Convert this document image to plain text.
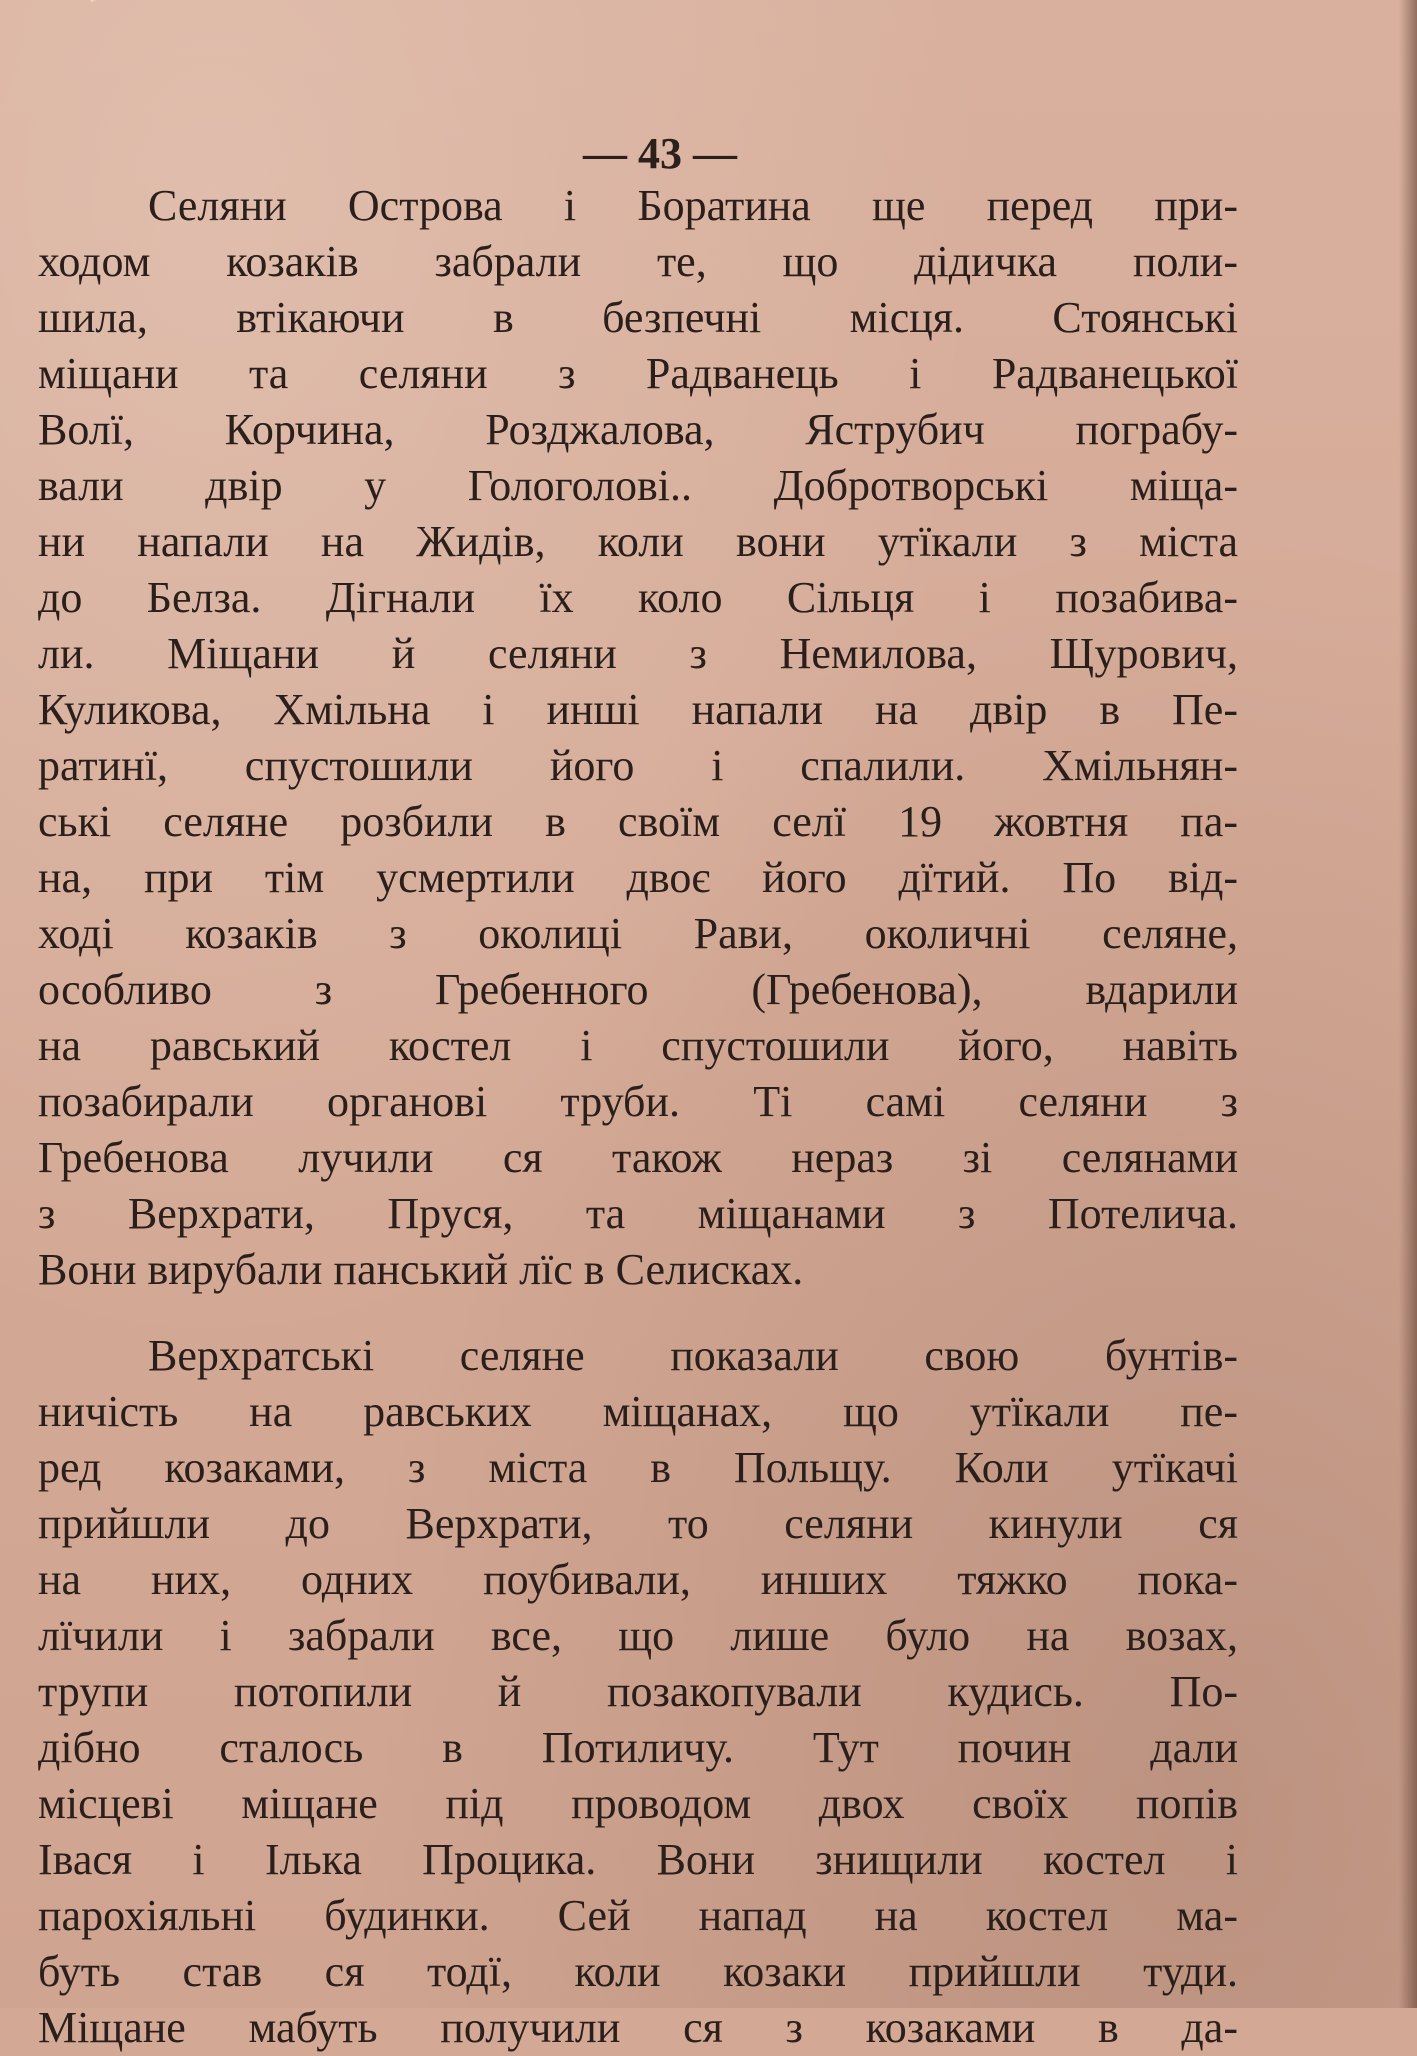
— 43 —
Селяни Острова і Боратина ще перед при-
ходом козаків забрали те, що дідичка поли-
шила, втікаючи в безпечні місця. Стоянські
міщани та селяни з Радванець і Радванецької
Волї, Корчина, Розджалова, Яструбич пограбу-
вали двір у Гологолові.. Добротворські міща-
ни напали на Жидів, коли вони утїкали з міста
до Белза. Дігнали їх коло Сільця і позабива-
ли. Міщани й селяни з Немилова, Щурович,
Куликова, Хмільна і инші напали на двір в Пе-
ратинї, спустошили його і спалили. Хмільнян-
ські селяне розбили в своїм селї 19 жовтня па-
на, при тім усмертили двоє його дїтий. По від-
ході козаків з околиці Рави, околичні селяне,
особливо з Гребенного (Гребенова), вдарили
на равський костел і спустошили його, навіть
позабирали органові труби. Ті самі селяни з
Гребенова лучили ся також нераз зі селянами
з Верхрати, Пруся, та міщанами з Потелича.
Вони вирубали панський лїс в Селисках.
Верхратські селяне показали свою бунтів-
ничість на равських міщанах, що утїкали пе-
ред козаками, з міста в Польщу. Коли утїкачі
прийшли до Верхрати, то селяни кинули ся
на них, одних поубивали, инших тяжко пока-
лїчили і забрали все, що лише було на возах,
трупи потопили й позакопували кудись. По-
дібно сталось в Потиличу. Тут почин дали
місцеві міщане під проводом двох своїх попів
Івася і Ілька Процика. Вони знищили костел і
парохіяльні будинки. Сей напад на костел ма-
буть став ся тодї, коли козаки прийшли туди.
Міщане мабуть получили ся з козаками в да-
